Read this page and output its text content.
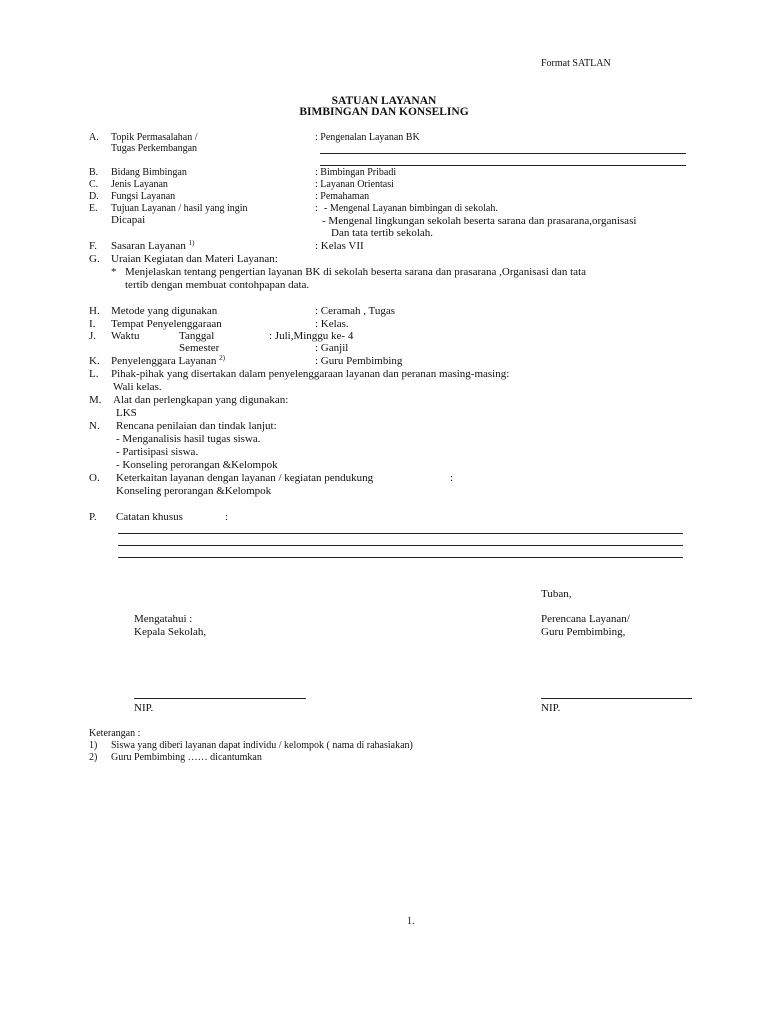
Format SATLAN
SATUAN LAYANAN
BIMBINGAN DAN KONSELING
A. Topik Permasalahan /
Tugas Perkembangan
: Pengenalan Layanan BK
B. Bidang Bimbingan	: Bimbingan Pribadi
C. Jenis Layanan	: Layanan Orientasi
D. Fungsi Layanan	: Pemahaman
E. Tujuan Layanan / hasil yang ingin
Dicapai
: - Mengenal Layanan bimbingan di sekolah.
- Mengenal lingkungan sekolah beserta sarana dan prasarana,organisasi
Dan tata tertib sekolah.
F. Sasaran Layanan $^{1)}$	: Kelas VII
G. Uraian Kegiatan dan Materi Layanan:
* Menjelaskan tentang pengertian layanan BK di sekolah beserta sarana dan prasarana ,Organisasi dan tata
tertib dengan membuat contohpapan data.
H. Metode yang digunakan	: Ceramah , Tugas
I. Tempat Penyelenggaraan	: Kelas.
J. Waktu	Tanggal	: Juli,Minggu ke- 4
Semester	: Ganjil
K. Penyelenggara Layanan $^{2)}$	: Guru Pembimbing
L. Pihak-pihak yang disertakan dalam penyelenggaraan layanan dan peranan masing-masing:
Wali kelas.
M. Alat dan perlengkapan yang digunakan:
LKS
N. Rencana penilaian dan tindak lanjut:
- Menganalisis hasil tugas siswa.
- Partisipasi siswa.
- Konseling perorangan &Kelompok
O. Keterkaitan layanan dengan layanan / kegiatan pendukung	:
Konseling perorangan &Kelompok
P. Catatan khusus	:
Tuban,
Mengatahui :
Kepala Sekolah,
Perencana Layanan/
Guru Pembimbing,
NIP.	NIP.
Keterangan :
1) Siswa yang diberi layanan dapat individu / kelompok ( nama di rahasiakan)
2) Guru Pembimbing …… dicantumkan
1.
